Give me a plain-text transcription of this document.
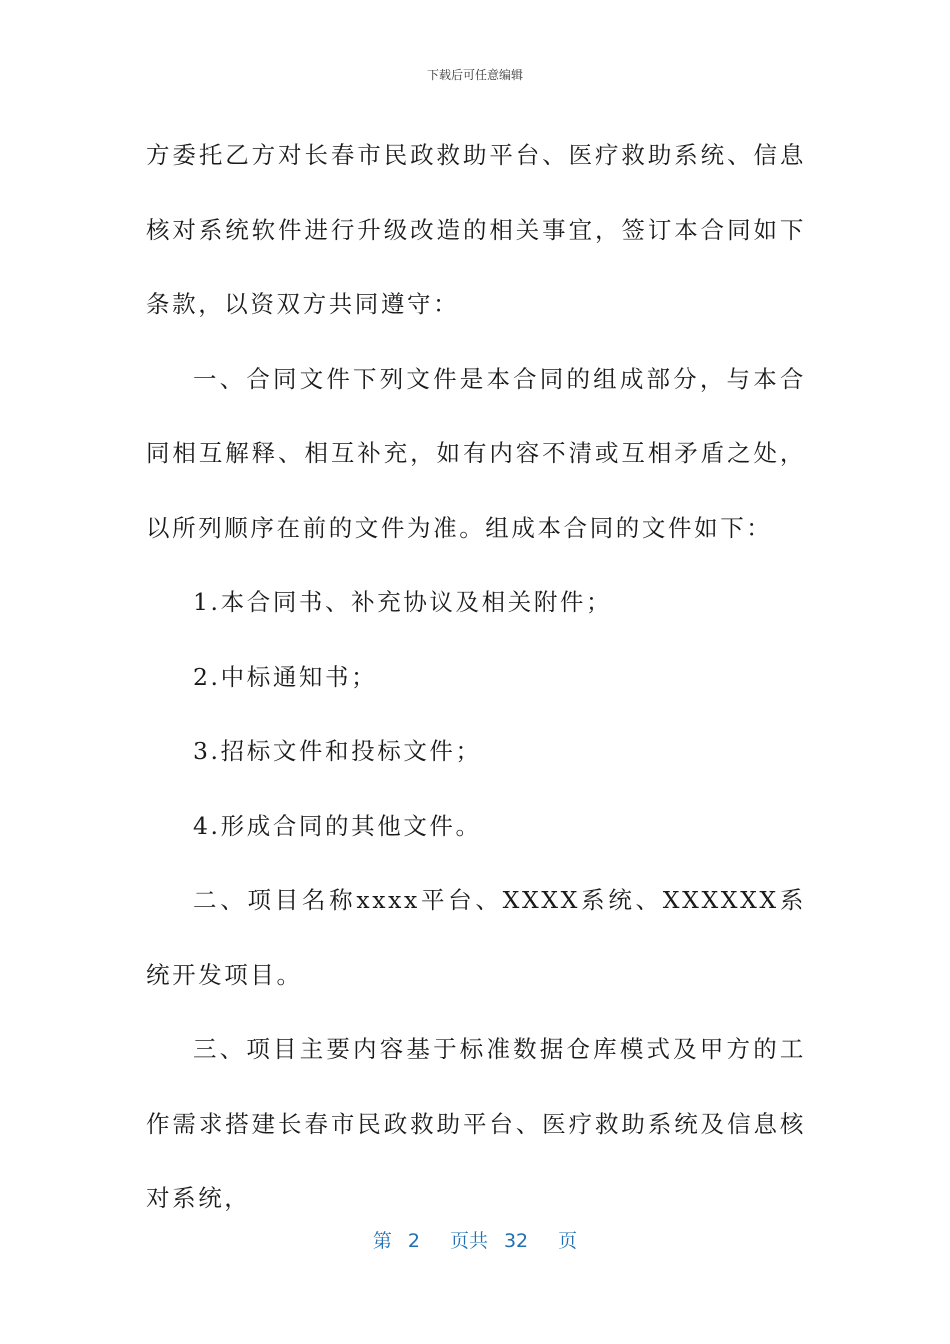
下载后可任意编辑

方委托乙方对长春市民政救助平台、医疗救助系统、信息核对系统软件进行升级改造的相关事宜，签订本合同如下条款，以资双方共同遵守：

一、合同文件下列文件是本合同的组成部分，与本合同相互解释、相互补充，如有内容不清或互相矛盾之处，以所列顺序在前的文件为准。组成本合同的文件如下：

1.本合同书、补充协议及相关附件；

2.中标通知书；

3.招标文件和投标文件；

4.形成合同的其他文件。

二、项目名称xxxx平台、XXXX系统、XXXXXX系统开发项目。

三、项目主要内容基于标准数据仓库模式及甲方的工作需求搭建长春市民政救助平台、医疗救助系统及信息核对系统，

第 2 页共 32 页
